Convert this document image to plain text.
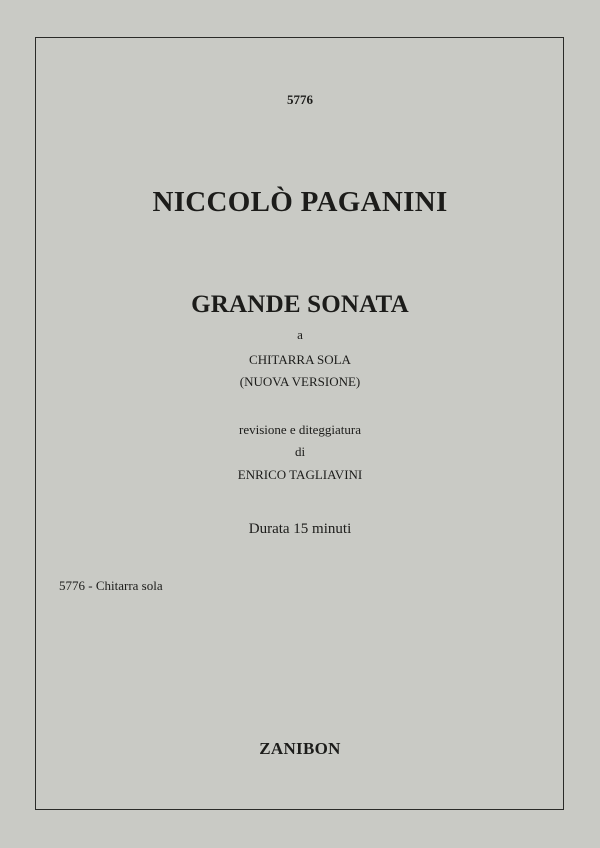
5776
NICCOLÒ PAGANINI
GRANDE SONATA
a
CHITARRA SOLA
(NUOVA VERSIONE)
revisione e diteggiatura
di
ENRICO TAGLIAVINI
Durata 15 minuti
5776 - Chitarra sola
ZANIBON
